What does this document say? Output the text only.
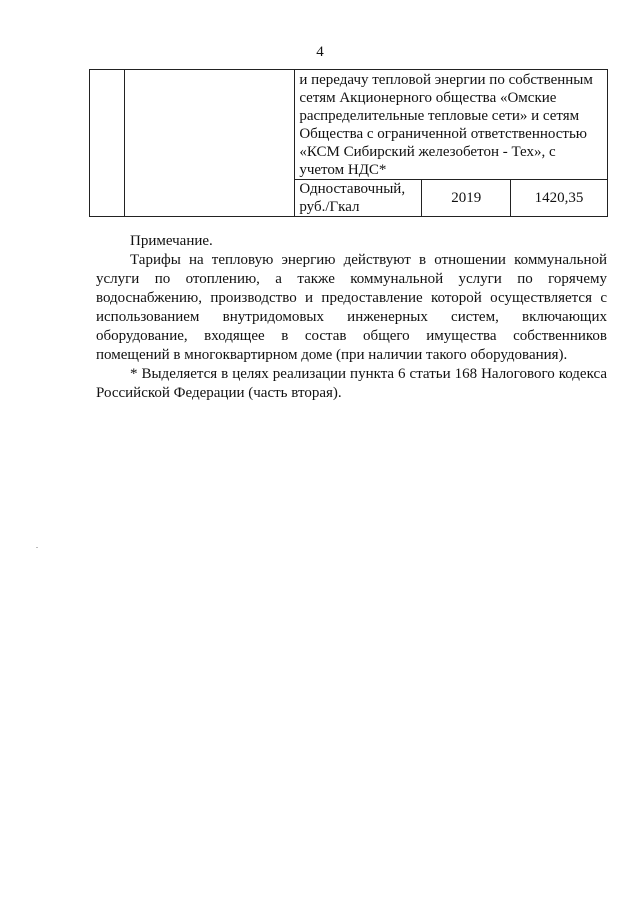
4
		и передачу тепловой энергии по собственным сетям Акционерного общества «Омские распределительные тепловые сети» и сетям Общества с ограниченной ответственностью «КСМ Сибирский железобетон - Тех», с учетом НДС*		
		Одноставочный, руб./Гкал	2019	1420,35

Примечание.

Тарифы на тепловую энергию действуют в отношении коммунальной услуги по отоплению, а также коммунальной услуги по горячему водоснабжению, производство и предоставление которой осуществляется с использованием внутридомовых инженерных систем, включающих оборудование, входящее в состав общего имущества собственников помещений в многоквартирном доме (при наличии такого оборудования).

* Выделяется в целях реализации пункта 6 статьи 168 Налогового кодекса Российской Федерации (часть вторая).
